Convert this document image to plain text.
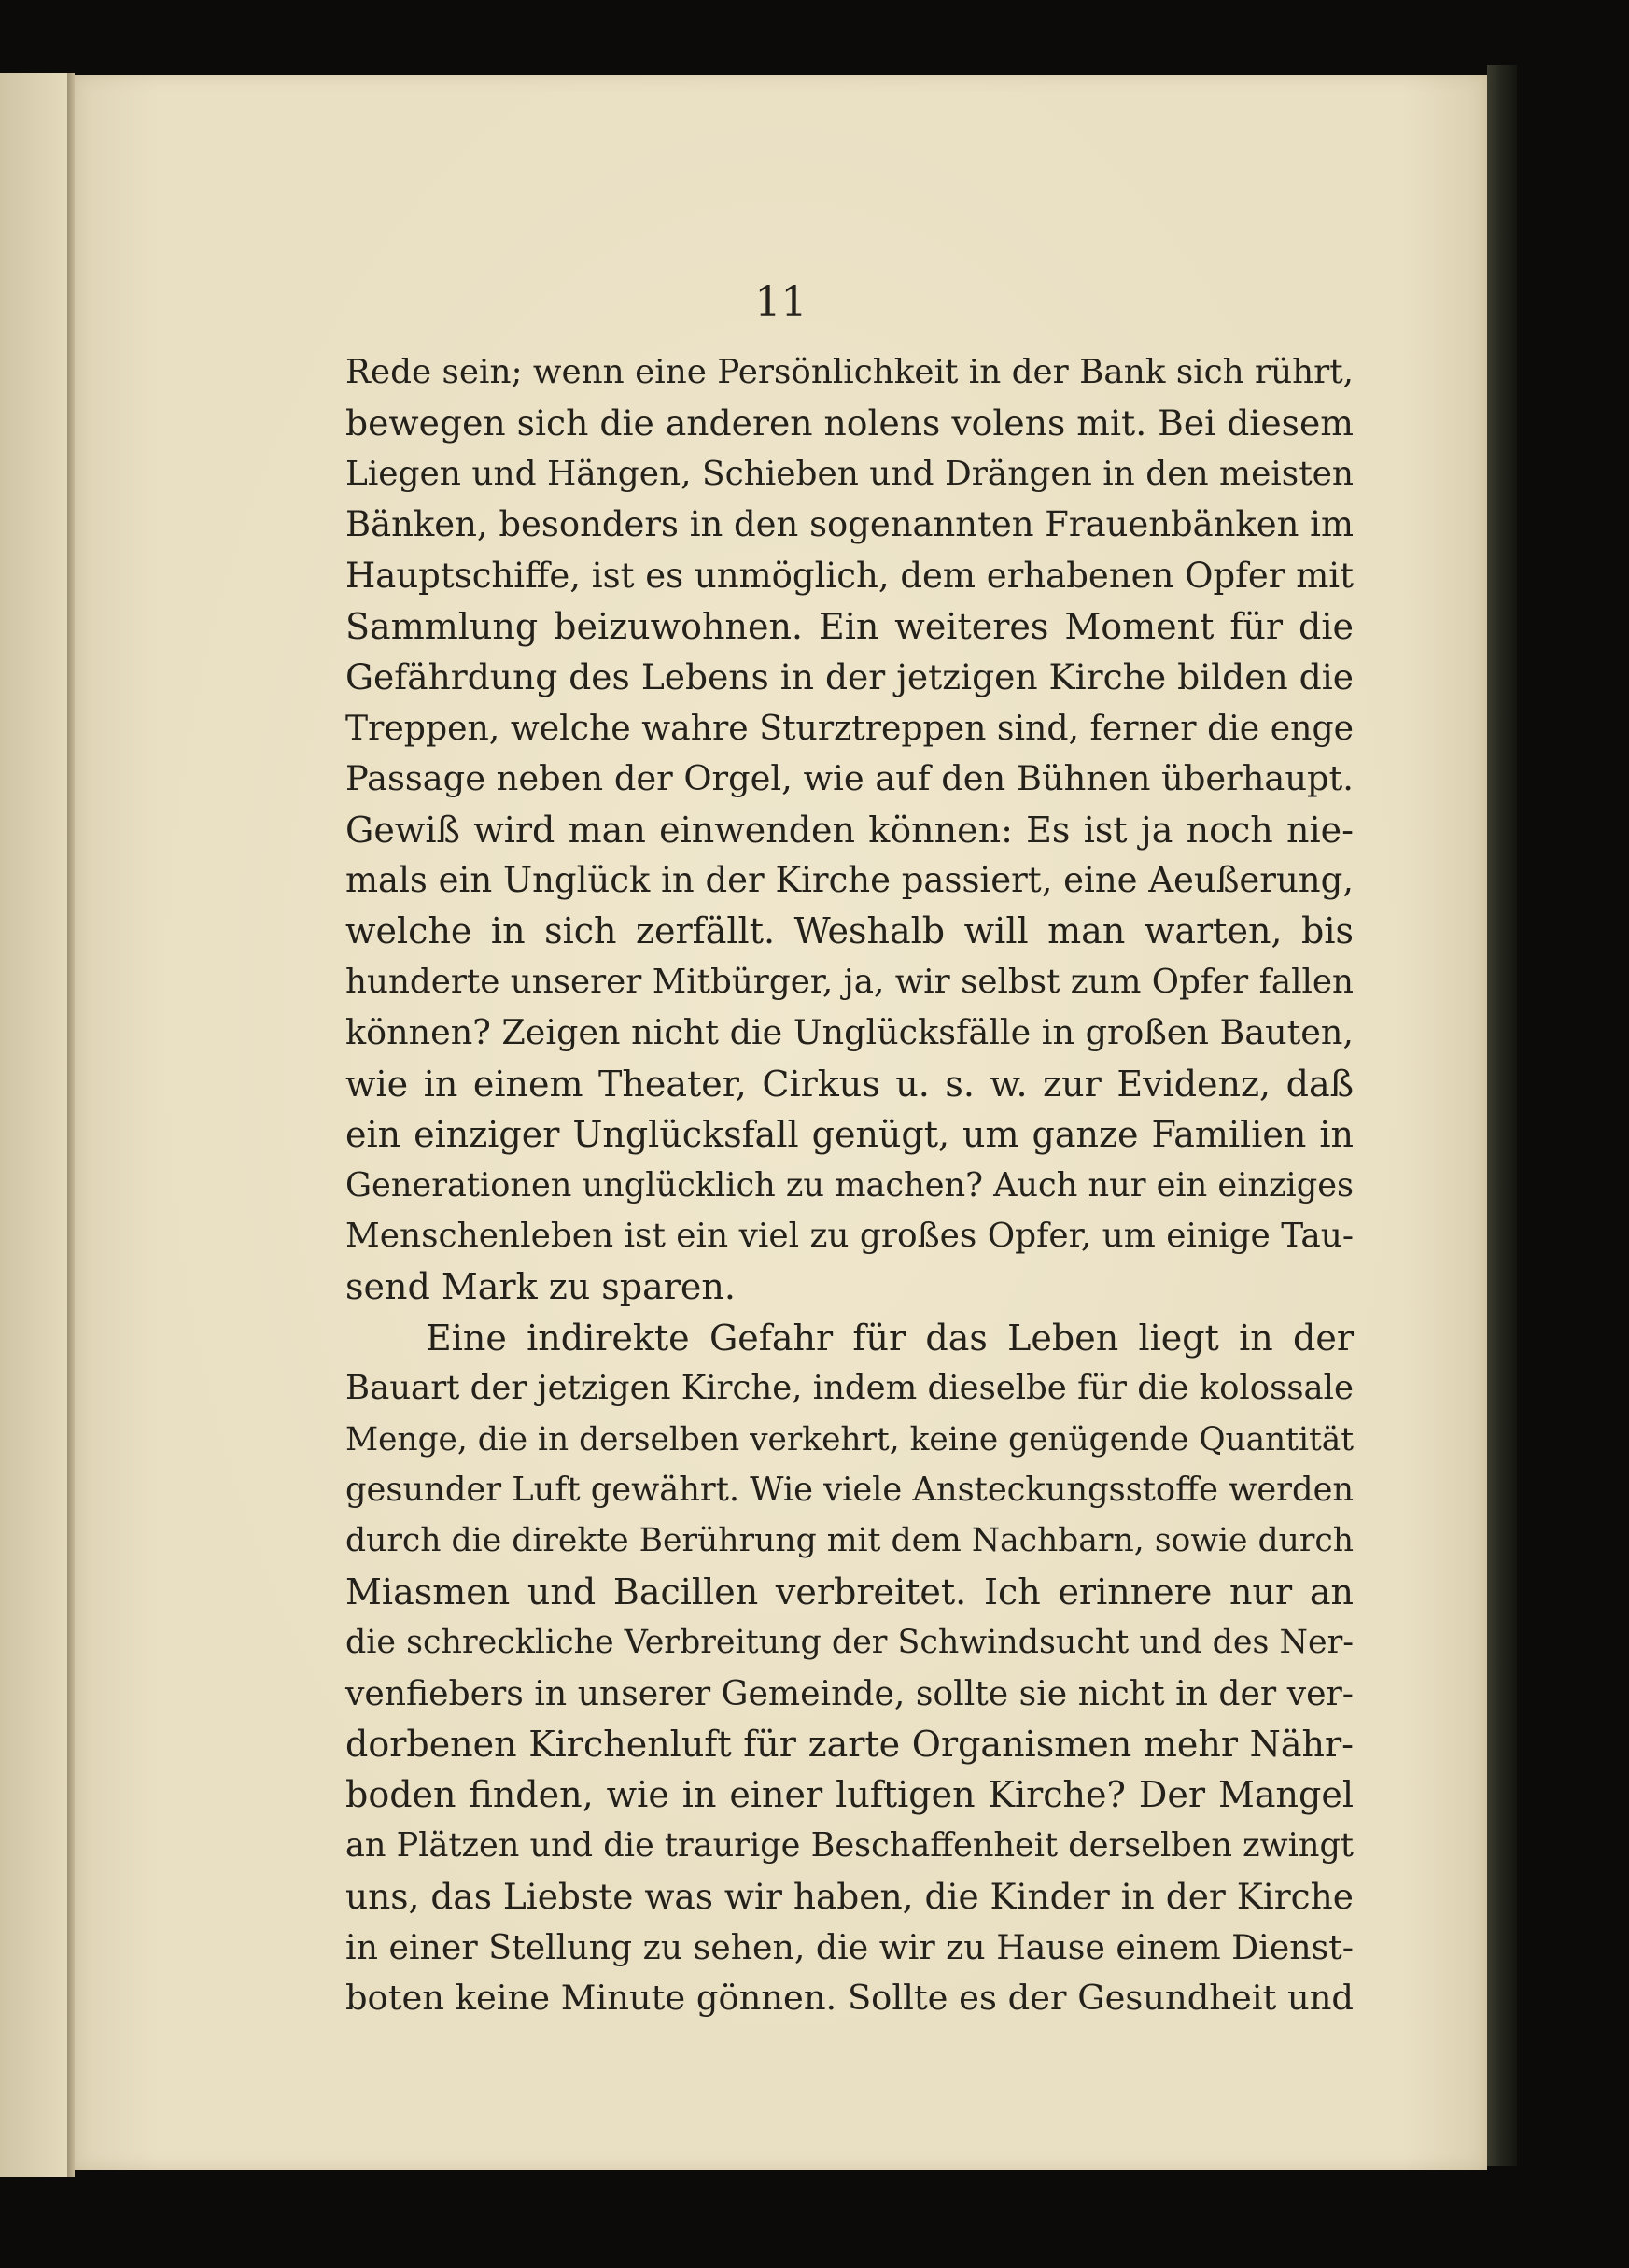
11

Rede sein; wenn eine Persönlichkeit in der Bank sich rührt,
bewegen sich die anderen nolens volens mit. Bei diesem
Liegen und Hängen, Schieben und Drängen in den meisten
Bänken, besonders in den sogenannten Frauenbänken im
Hauptschiffe, ist es unmöglich, dem erhabenen Opfer mit
Sammlung beizuwohnen. Ein weiteres Moment für die
Gefährdung des Lebens in der jetzigen Kirche bilden die
Treppen, welche wahre Sturztreppen sind, ferner die enge
Passage neben der Orgel, wie auf den Bühnen überhaupt.
Gewiß wird man einwenden können: Es ist ja noch nie-
mals ein Unglück in der Kirche passiert, eine Aeußerung,
welche in sich zerfällt. Weshalb will man warten, bis
hunderte unserer Mitbürger, ja, wir selbst zum Opfer fallen
können? Zeigen nicht die Unglücksfälle in großen Bauten,
wie in einem Theater, Cirkus u. s. w. zur Evidenz, daß
ein einziger Unglücksfall genügt, um ganze Familien in
Generationen unglücklich zu machen? Auch nur ein einziges
Menschenleben ist ein viel zu großes Opfer, um einige Tau-
send Mark zu sparen.
Eine indirekte Gefahr für das Leben liegt in der
Bauart der jetzigen Kirche, indem dieselbe für die kolossale
Menge, die in derselben verkehrt, keine genügende Quantität
gesunder Luft gewährt. Wie viele Ansteckungsstoffe werden
durch die direkte Berührung mit dem Nachbarn, sowie durch
Miasmen und Bacillen verbreitet. Ich erinnere nur an
die schreckliche Verbreitung der Schwindsucht und des Ner-
venfiebers in unserer Gemeinde, sollte sie nicht in der ver-
dorbenen Kirchenluft für zarte Organismen mehr Nähr-
boden finden, wie in einer luftigen Kirche? Der Mangel
an Plätzen und die traurige Beschaffenheit derselben zwingt
uns, das Liebste was wir haben, die Kinder in der Kirche
in einer Stellung zu sehen, die wir zu Hause einem Dienst-
boten keine Minute gönnen. Sollte es der Gesundheit und
